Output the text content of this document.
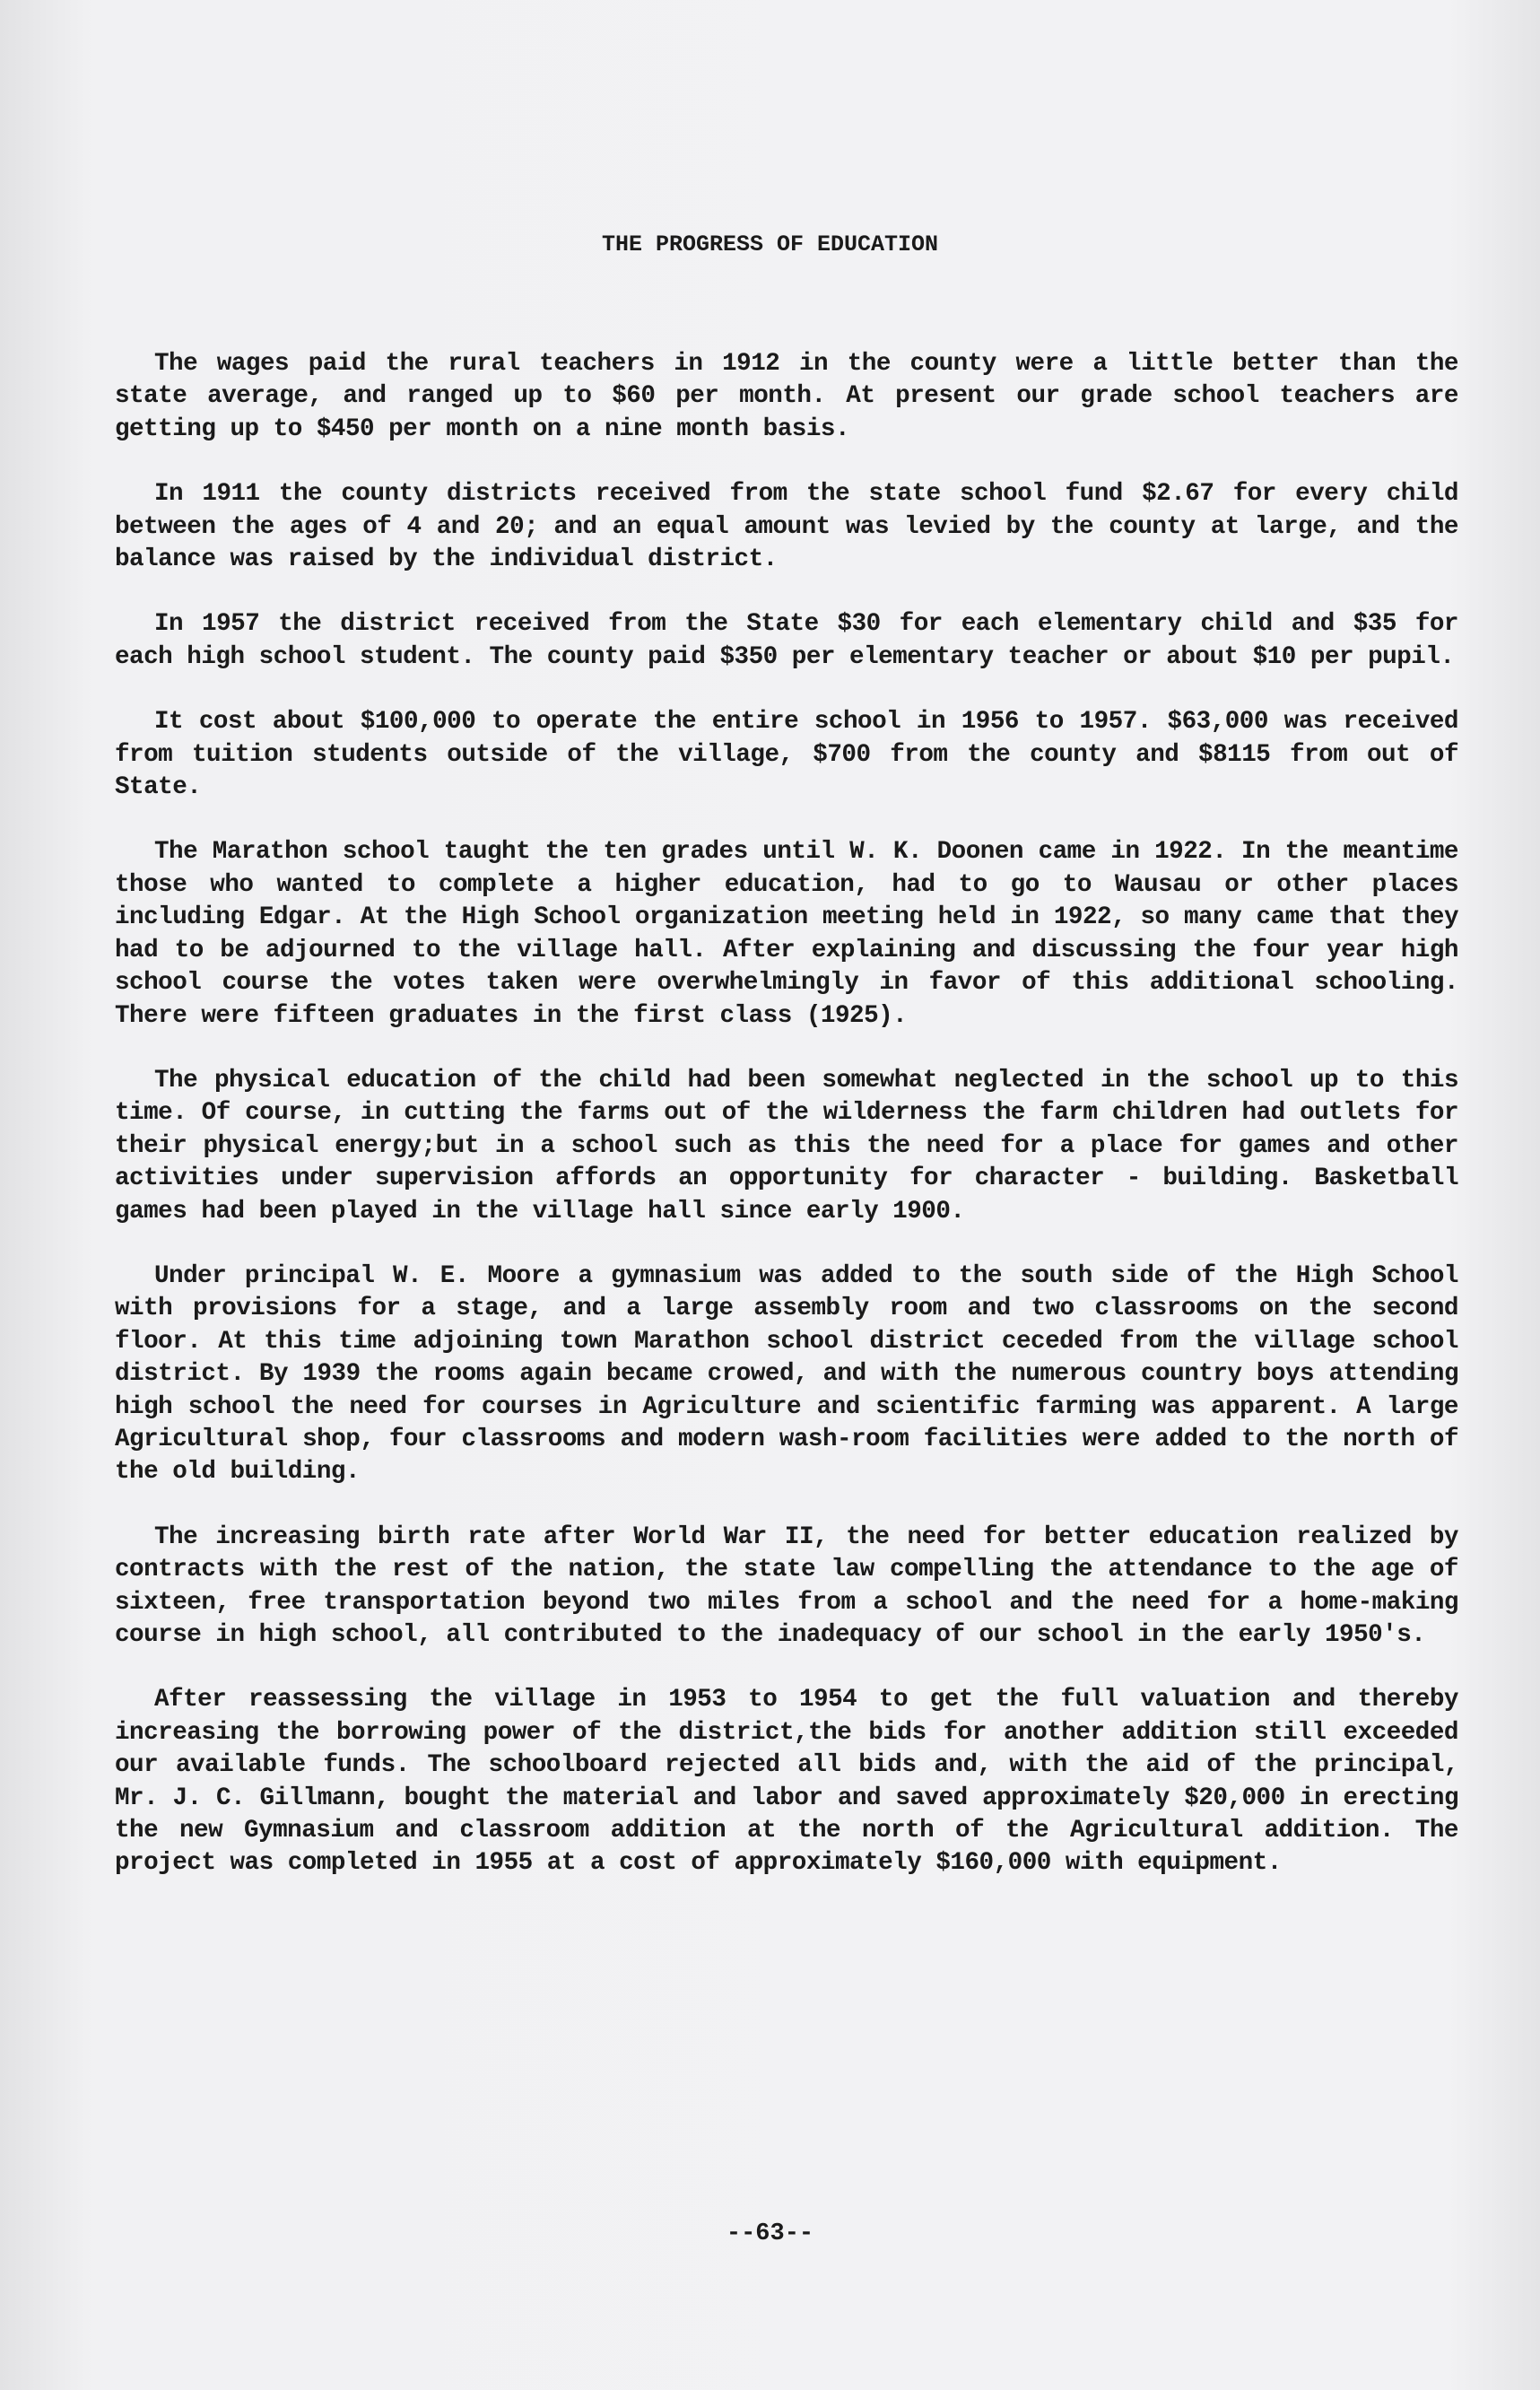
THE PROGRESS OF EDUCATION

The wages paid the rural teachers in 1912 in the county were a little better than the state average, and ranged up to $60 per month. At present our grade school teachers are getting up to $450 per month on a nine month basis.

In 1911 the county districts received from the state school fund $2.67 for every child between the ages of 4 and 20; and an equal amount was levied by the county at large, and the balance was raised by the individual district.

In 1957 the district received from the State $30 for each elementary child and $35 for each high school student. The county paid $350 per elementary teacher or about $10 per pupil.

It cost about $100,000 to operate the entire school in 1956 to 1957. $63,000 was received from tuition students outside of the village, $700 from the county and $8115 from out of State.

The Marathon school taught the ten grades until W. K. Doonen came in 1922. In the meantime those who wanted to complete a higher education, had to go to Wausau or other places including Edgar. At the High School organization meeting held in 1922, so many came that they had to be adjourned to the village hall. After explaining and discussing the four year high school course the votes taken were overwhelmingly in favor of this additional schooling. There were fifteen graduates in the first class (1925).

The physical education of the child had been somewhat neglected in the school up to this time. Of course, in cutting the farms out of the wilderness the farm children had outlets for their physical energy;but in a school such as this the need for a place for games and other activities under supervision affords an opportunity for character - building. Basketball games had been played in the village hall since early 1900.

Under principal W. E. Moore a gymnasium was added to the south side of the High School with provisions for a stage, and a large assembly room and two classrooms on the second floor. At this time adjoining town Marathon school district ceceded from the village school district. By 1939 the rooms again became crowed, and with the numerous country boys attending high school the need for courses in Agriculture and scientific farming was apparent. A large Agricultural shop, four classrooms and modern wash-room facilities were added to the north of the old building.

The increasing birth rate after World War II, the need for better education realized by contracts with the rest of the nation, the state law compelling the attendance to the age of sixteen, free transportation beyond two miles from a school and the need for a home-making course in high school, all contributed to the inadequacy of our school in the early 1950's.

After reassessing the village in 1953 to 1954 to get the full valuation and thereby increasing the borrowing power of the district,the bids for another addition still exceeded our available funds. The schoolboard rejected all bids and, with the aid of the principal, Mr. J. C. Gillmann, bought the material and labor and saved approximately $20,000 in erecting the new Gymnasium and classroom addition at the north of the Agricultural addition. The project was completed in 1955 at a cost of approximately $160,000 with equipment.

--63--
